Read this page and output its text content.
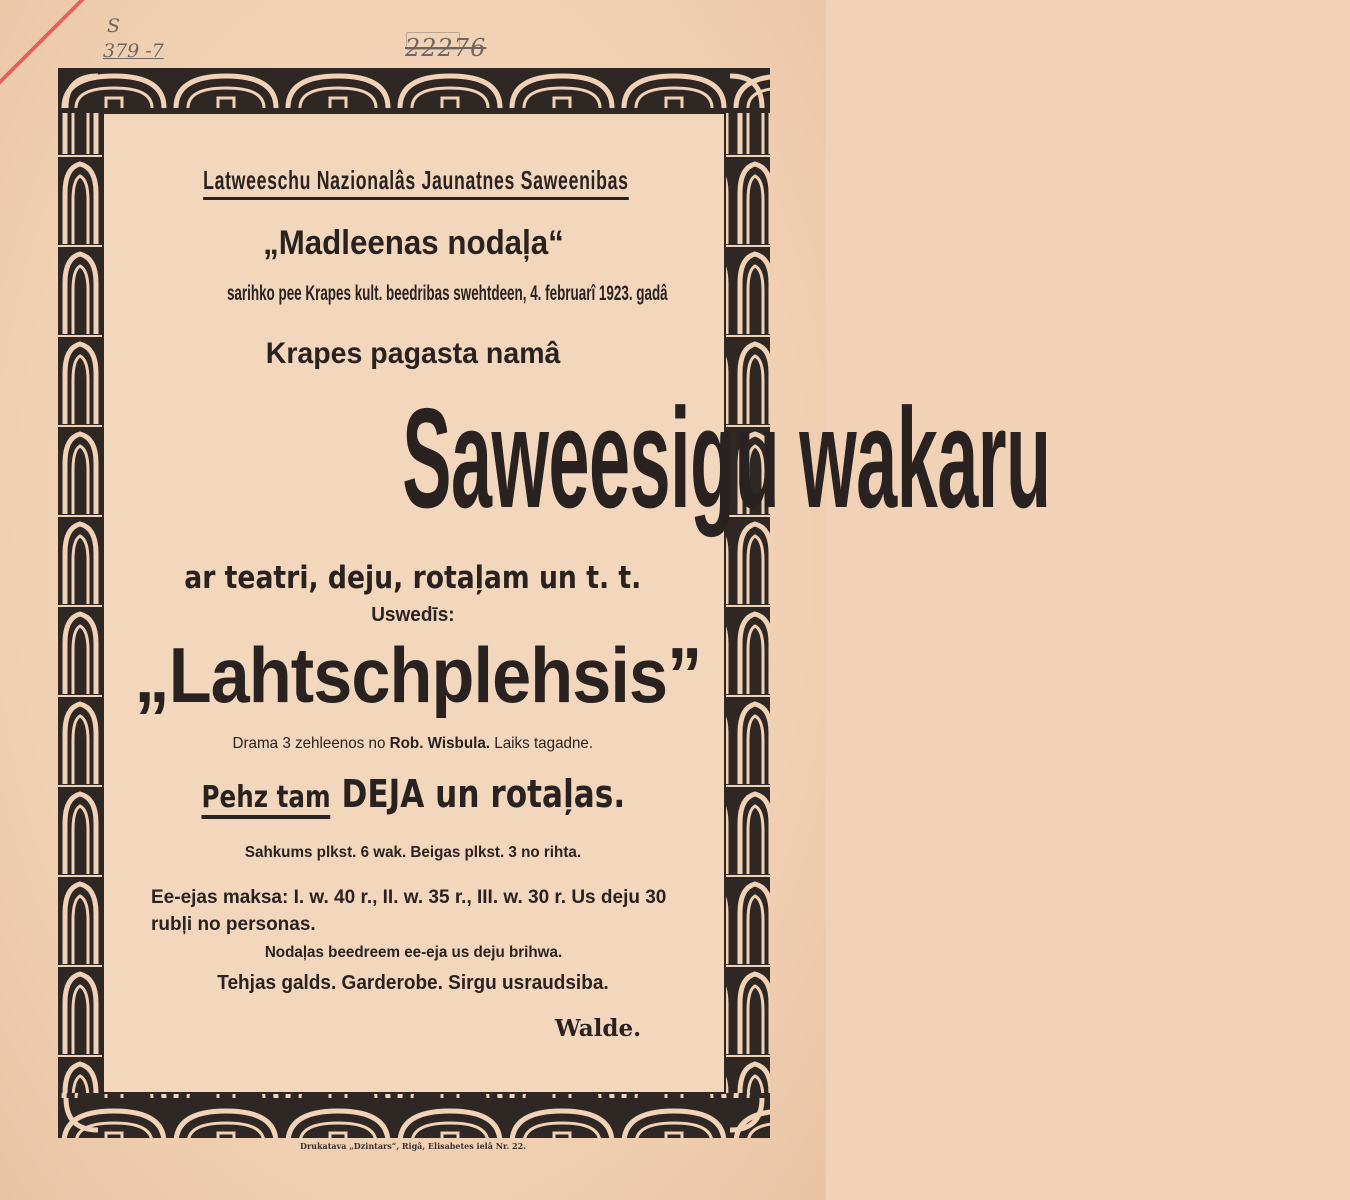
S
379 -7	22276
Latweeschu Nazionalâs Jaunatnes Saweenibas
„Madleenas nodaļa“
sarihko pee Krapes kult. beedribas swehtdeen, 4. februarî 1923. gadâ
Krapes pagasta namâ
Saweesigu wakaru
ar teatri, deju, rotaļam un t. t.
Uswedīs:
„Lahtschplehsis”
Drama 3 zehleenos no Rob. Wisbula. Laiks tagadne.
Pehz tam DEJA un rotaļas.
Sahkums plkst. 6 wak. Beigas plkst. 3 no rihta.
Ee-ejas maksa: I. w. 40 r., II. w. 35 r., III. w. 30 r. Us deju 30 rubļi no personas.
Nodaļas beedreem ee-eja us deju brihwa.
Tehjas galds. Garderobe. Sirgu usraudsiba.
Walde.
Drukatava „Dzintars“, Rigâ, Elisabetes ielâ Nr. 22.
